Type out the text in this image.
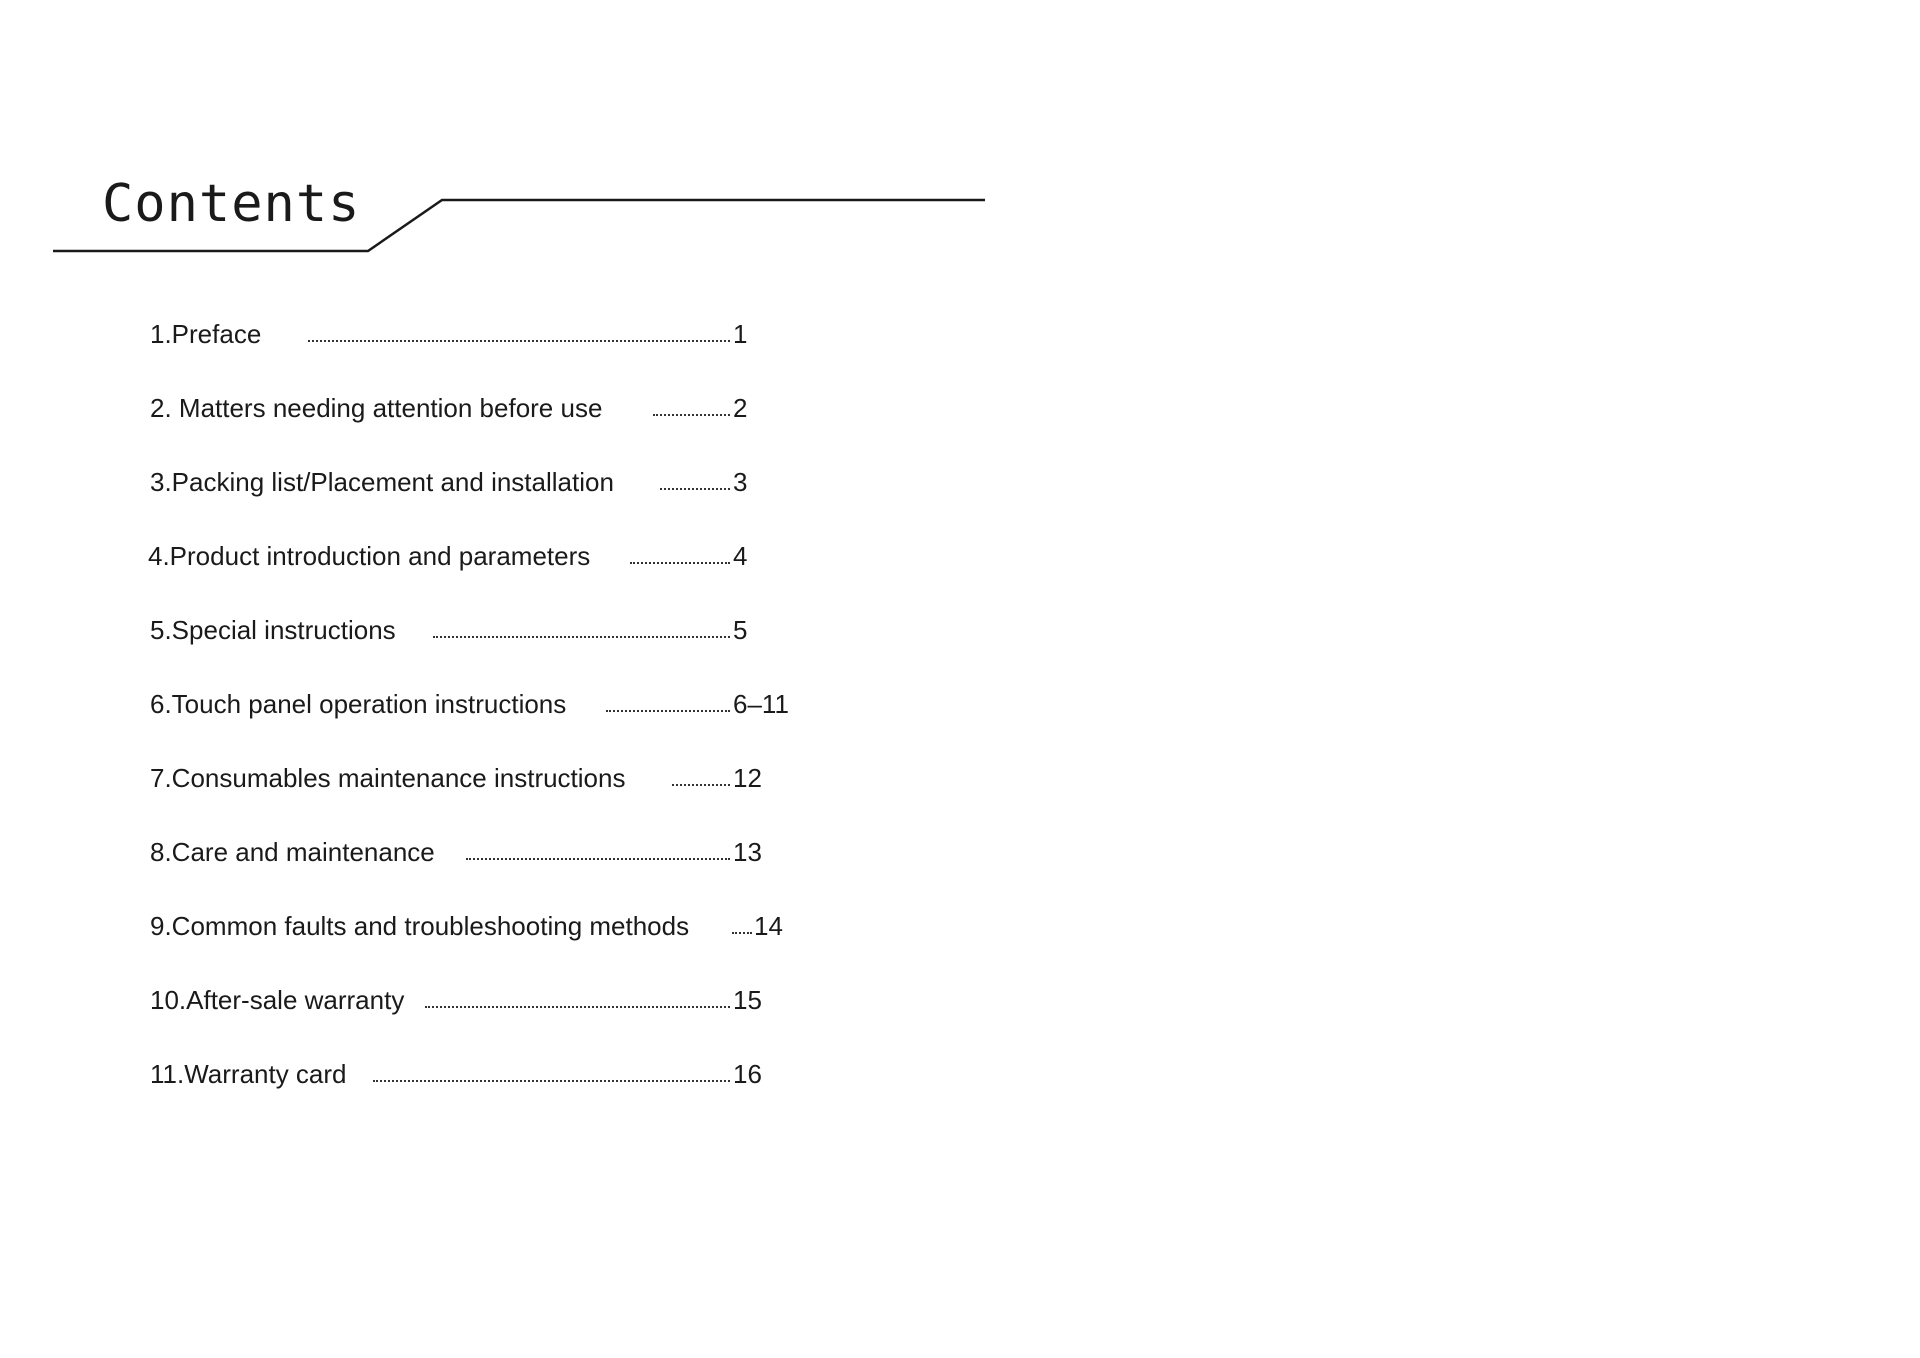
Contents
1.Preface	1
2. Matters needing attention before use	2
3.Packing list/Placement and installation	3
4.Product introduction and parameters	4
5.Special instructions	5
6.Touch panel operation instructions	6–11
7.Consumables maintenance instructions	12
8.Care and maintenance	13
9.Common faults and troubleshooting methods 14
10.After-sale warranty	15
11.Warranty card	16
